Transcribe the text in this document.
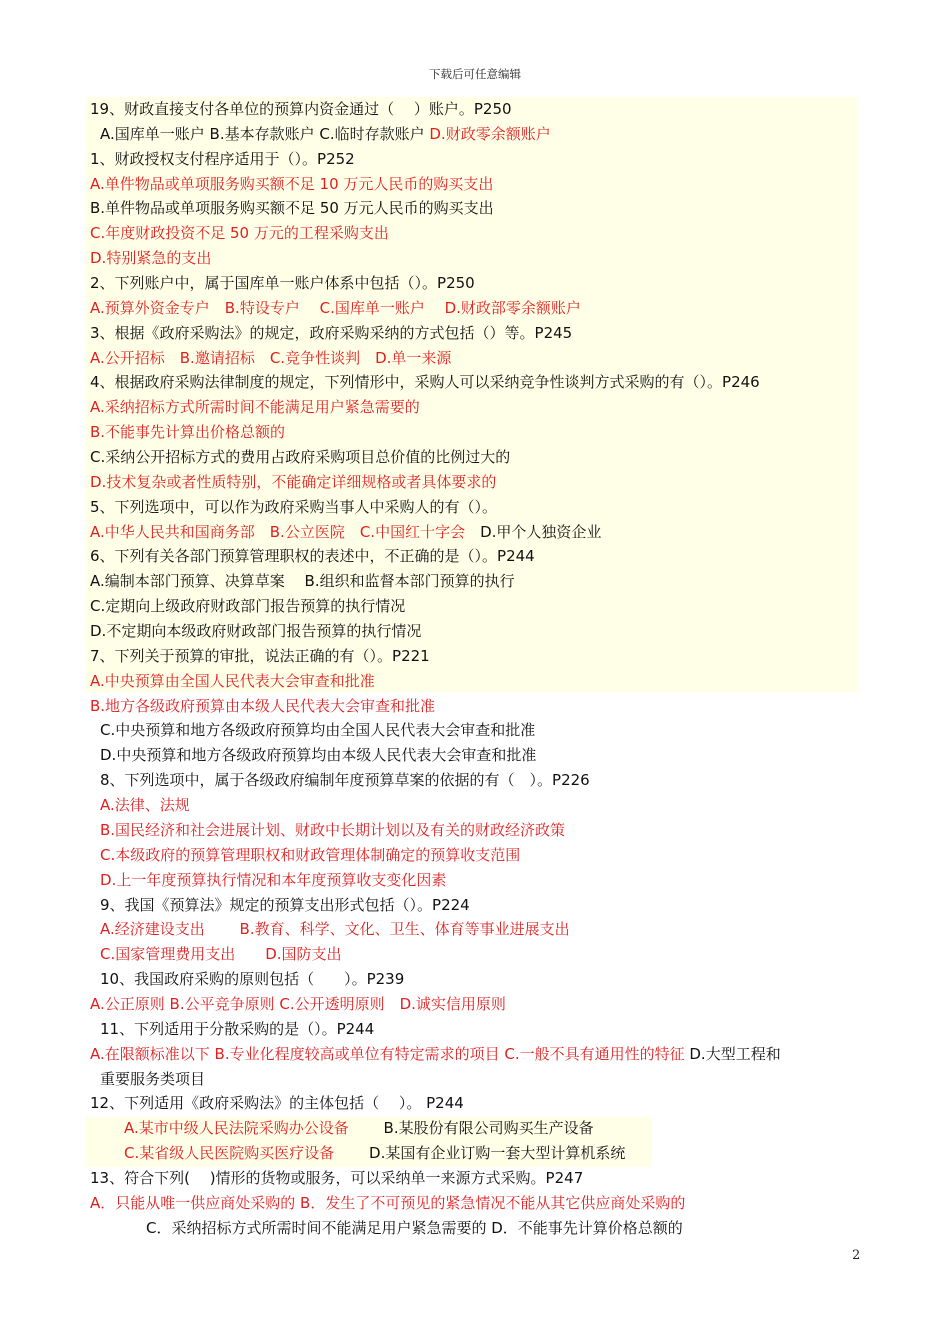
下载后可任意编辑
19、财政直接支付各单位的预算内资金通过（　 ）账户。P250
A.国库单一账户 B.基本存款账户 C.临时存款账户 D.财政零余额账户
1、财政授权支付程序适用于（）。P252
A.单件物品或单项服务购买额不足 10 万元人民币的购买支出
B.单件物品或单项服务购买额不足 50 万元人民币的购买支出
C.年度财政投资不足 50 万元的工程采购支出
D.特别紧急的支出
2、下列账户中，属于国库单一账户体系中包括（）。P250
A.预算外资金专户　B.特设专户　 C.国库单一账户　 D.财政部零余额账户
3、根据《政府采购法》的规定，政府采购采纳的方式包括（）等。P245
A.公开招标　B.邀请招标　C.竞争性谈判　D.单一来源
4、根据政府采购法律制度的规定，下列情形中，采购人可以采纳竞争性谈判方式采购的有（）。P246
A.采纳招标方式所需时间不能满足用户紧急需要的
B.不能事先计算出价格总额的
C.采纳公开招标方式的费用占政府采购项目总价值的比例过大的
D.技术复杂或者性质特别，不能确定详细规格或者具体要求的
5、下列选项中，可以作为政府采购当事人中采购人的有（）。
A.中华人民共和国商务部　B.公立医院　C.中国红十字会　D.甲个人独资企业
6、下列有关各部门预算管理职权的表述中，不正确的是（）。P244
A.编制本部门预算、决算草案　 B.组织和监督本部门预算的执行
C.定期向上级政府财政部门报告预算的执行情况
D.不定期向本级政府财政部门报告预算的执行情况
7、下列关于预算的审批，说法正确的有（）。P221
A.中央预算由全国人民代表大会审查和批准
B.地方各级政府预算由本级人民代表大会审查和批准
C.中央预算和地方各级政府预算均由全国人民代表大会审查和批准
D.中央预算和地方各级政府预算均由本级人民代表大会审查和批准
8、下列选项中，属于各级政府编制年度预算草案的依据的有（　）。P226
A.法律、法规
B.国民经济和社会进展计划、财政中长期计划以及有关的财政经济政策
C.本级政府的预算管理职权和财政管理体制确定的预算收支范围
D.上一年度预算执行情况和本年度预算收支变化因素
9、我国《预算法》规定的预算支出形式包括（）。P224
A.经济建设支出　　 B.教育、科学、文化、卫生、体育等事业进展支出
C.国家管理费用支出　　D.国防支出
10、我国政府采购的原则包括（　　）。P239
A.公正原则 B.公平竞争原则 C.公开透明原则　D.诚实信用原则
11、下列适用于分散采购的是（）。P244
A.在限额标准以下 B.专业化程度较高或单位有特定需求的项目 C.一般不具有通用性的特征 D.大型工程和
重要服务类项目
12、下列适用《政府采购法》的主体包括（　 ）。 P244
A.某市中级人民法院采购办公设备　　 B.某股份有限公司购买生产设备
C.某省级人民医院购买医疗设备　　 D.某国有企业订购一套大型计算机系统
13、符合下列(　 )情形的货物或服务，可以采纳单一来源方式采购。P247
A．只能从唯一供应商处采购的 B．发生了不可预见的紧急情况不能从其它供应商处采购的
C．采纳招标方式所需时间不能满足用户紧急需要的 D．不能事先计算价格总额的
2
